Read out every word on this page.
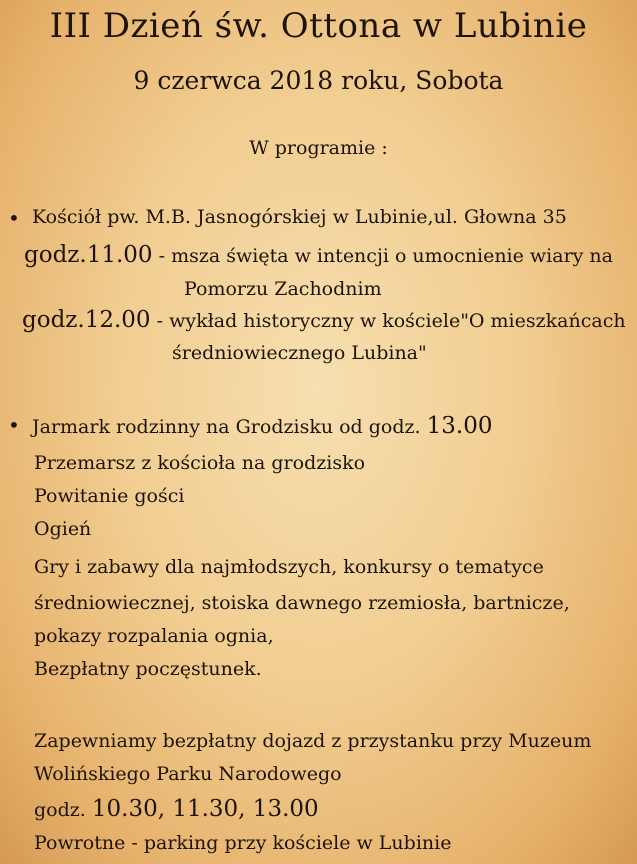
III Dzień św. Ottona w Lubinie
9 czerwca 2018 roku, Sobota
W programie :
• Kościół pw. M.B. Jasnogórskiej w Lubinie,ul. Głowna 35
godz.11.00 - msza święta w intencji o umocnienie wiary na
Pomorzu Zachodnim
godz.12.00 - wykład historyczny w kościele"O mieszkańcach
średniowiecznego Lubina"
• Jarmark rodzinny na Grodzisku od godz. 13.00
Przemarsz z kościoła na grodzisko
Powitanie gości
Ogień
Gry i zabawy dla najmłodszych, konkursy o tematyce
średniowiecznej, stoiska dawnego rzemiosła, bartnicze,
pokazy rozpalania ognia,
Bezpłatny poczęstunek.
Zapewniamy bezpłatny dojazd z przystanku przy Muzeum
Wolińskiego Parku Narodowego
godz. 10.30, 11.30, 13.00
Powrotne - parking przy kościele w Lubinie
